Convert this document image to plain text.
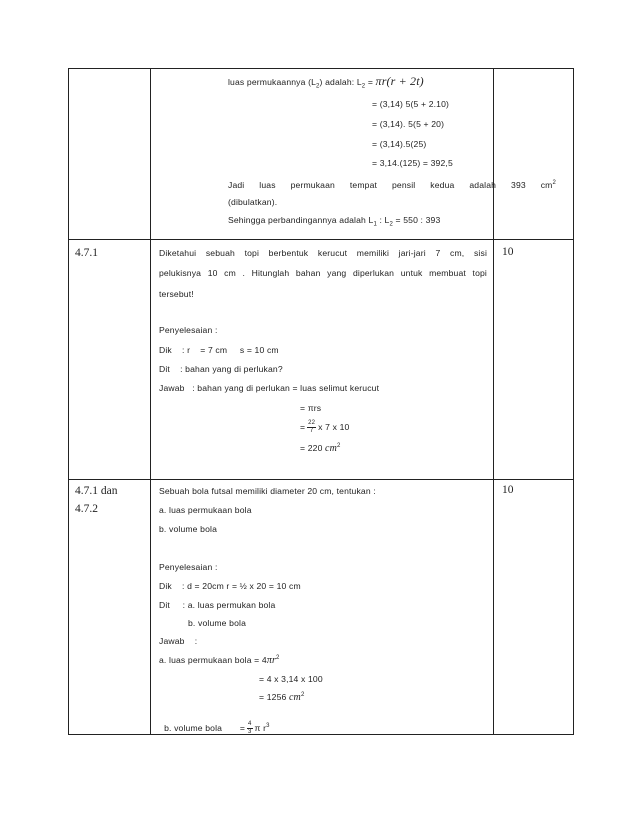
luas permukaannya $(L_2)$ adalah: $L_2 = \pi r(r + 2t)$
= (3,14) 5(5 + 2.10)
= (3,14). 5(5 + 20)
= (3,14).5(25)
= 3,14.(125) = 392,5
Jadi luas permukaan tempat pensil kedua adalah 393 $cm^2$
(dibulatkan).
Sehingga perbandingannya adalah $L_1$ : $L_2 = 550$ : 393
4.7.1	10
Diketahui sebuah topi berbentuk kerucut memiliki jari-jari 7 cm, sisi
pelukisnya 10 cm . Hitunglah bahan yang diperlukan untuk membuat topi
tersebut!
Penyelesaian :
Dik    : r    = 7 cm     s = 10 cm
Dit    : bahan yang di perlukan?
Jawab   : bahan yang di perlukan = luas selimut kerucut
= πrs
= $\frac{22}{7}$ x 7 x 10
= 220 $cm^2$
4.7.1 dan
4.7.2
10
Sebuah bola futsal memiliki diameter 20 cm, tentukan :
a. luas permukaan bola
b. volume bola
Penyelesaian :
Dik    : d = 20cm r = ½ x 20 = 10 cm
Dit     : a. luas permukan bola
b. volume bola
Jawab    :
a. luas permukaan bola = $4\pi r^2$
= 4 x 3,14 x 100
= 1256 $cm^2$

b. volume bola       = $\frac{4}{3}$ π $r^3$
